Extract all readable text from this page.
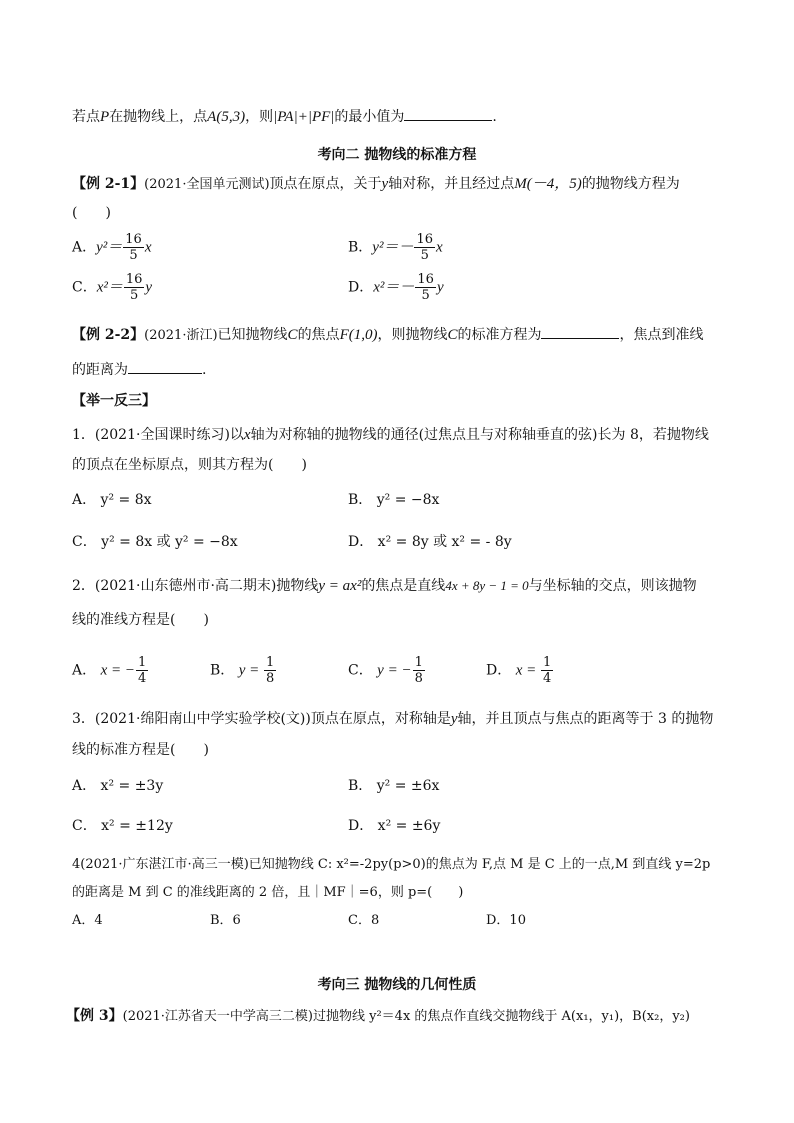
若点P在抛物线上，点A(5,3)，则|PA|+|PF|的最小值为	.
考向二 抛物线的标准方程
【例 2-1】(2021·全国单元测试)顶点在原点，关于y轴对称，并且经过点M(－4，5)的抛物线方程为
(　　)
A．$y^2= \frac{16}{5}$ x	B．$y^2=- \frac{16}{5}$ x
C．$x^2= \frac{16}{5}$ y	D．$x^2=- \frac{16}{5}$ y
【例 2-2】(2021·浙江)已知抛物线C的焦点F(1,0)，则抛物线C的标准方程为	，焦点到准线
的距离为	.
【举一反三】
1．(2021·全国课时练习)以x轴为对称轴的抛物线的通径(过焦点且与对称轴垂直的弦)长为 8，若抛物线
的顶点在坐标原点，则其方程为(　　)
A． y² = 8x	B． y² = −8x
C． y² = 8x 或 y² = −8x	D． x² = 8y 或 x² = - 8y
2．(2021·山东德州市·高二期末)抛物线y = ax²的焦点是直线4x + 8y − 1 = 0与坐标轴的交点，则该抛物
线的准线方程是(　　)
A． x = − $\frac{1}{4}$	B． $y = \frac{1}{8}$	C． y = − $\frac{1}{8}$	D． $x = \frac{1}{4}$
3．(2021·绵阳南山中学实验学校(文))顶点在原点，对称轴是y轴，并且顶点与焦点的距离等于 3 的抛物
线的标准方程是(　　)
A． x² = ±3y	B． y² = ±6x
C． x² = ±12y	D． x² = ±6y
4(2021·广东湛江市·高三一模)已知抛物线 C: x²=-2py(p>0)的焦点为 F,点 M 是 C 上的一点,M 到直线 y=2p
的距离是 M 到 C 的准线距离的 2 倍，且｜MF｜=6，则 p=(　　)
A．4	B．6	C．8	D．10
考向三 抛物线的几何性质
【例 3】(2021·江苏省天一中学高三二模)过抛物线 y²＝4x 的焦点作直线交抛物线于 A(x₁，y₁)，B(x₂，y₂)
